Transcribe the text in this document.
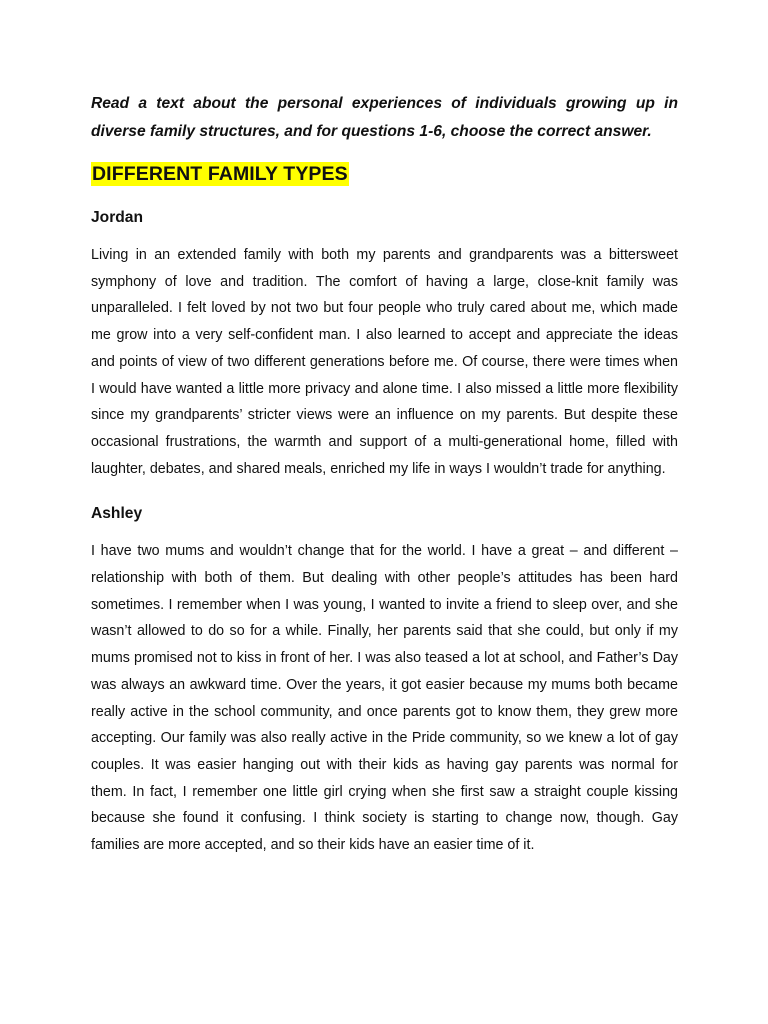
Read a text about the personal experiences of individuals growing up in diverse family structures, and for questions 1-6, choose the correct answer.

DIFFERENT FAMILY TYPES
Jordan

Living in an extended family with both my parents and grandparents was a bittersweet symphony of love and tradition. The comfort of having a large, close-knit family was unparalleled. I felt loved by not two but four people who truly cared about me, which made me grow into a very self-confident man. I also learned to accept and appreciate the ideas and points of view of two different generations before me. Of course, there were times when I would have wanted a little more privacy and alone time. I also missed a little more flexibility since my grandparents’ stricter views were an influence on my parents. But despite these occasional frustrations, the warmth and support of a multi-generational home, filled with laughter, debates, and shared meals, enriched my life in ways I wouldn’t trade for anything.

Ashley

I have two mums and wouldn’t change that for the world. I have a great – and different – relationship with both of them. But dealing with other people’s attitudes has been hard sometimes. I remember when I was young, I wanted to invite a friend to sleep over, and she wasn’t allowed to do so for a while. Finally, her parents said that she could, but only if my mums promised not to kiss in front of her. I was also teased a lot at school, and Father’s Day was always an awkward time. Over the years, it got easier because my mums both became really active in the school community, and once parents got to know them, they grew more accepting. Our family was also really active in the Pride community, so we knew a lot of gay couples. It was easier hanging out with their kids as having gay parents was normal for them. In fact, I remember one little girl crying when she first saw a straight couple kissing because she found it confusing. I think society is starting to change now, though. Gay families are more accepted, and so their kids have an easier time of it.
